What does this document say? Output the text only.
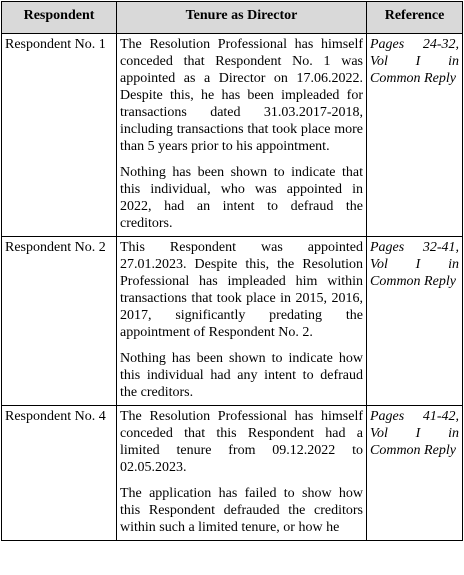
Respondent	Tenure as Director	Reference
Respondent No. 1	The Resolution Professional has himself conceded that Respondent No. 1 was appointed as a Director on 17.06.2022. Despite this, he has been impleaded for transactions dated 31.03.2017-2018, including transactions that took place more than 5 years prior to his appointment.

Nothing has been shown to indicate that this individual, who was appointed in 2022, had an intent to defraud the creditors.	Pages 24-32, Vol I in Common Reply
Respondent No. 2	This Respondent was appointed 27.01.2023. Despite this, the Resolution Professional has impleaded him within transactions that took place in 2015, 2016, 2017, significantly predating the appointment of Respondent No. 2.

Nothing has been shown to indicate how this individual had any intent to defraud the creditors.	Pages 32-41, Vol I in Common Reply
Respondent No. 4	The Resolution Professional has himself conceded that this Respondent had a limited tenure from 09.12.2022 to 02.05.2023.

The application has failed to show how this Respondent defrauded the creditors within such a limited tenure, or how he	Pages 41-42, Vol I in Common Reply
